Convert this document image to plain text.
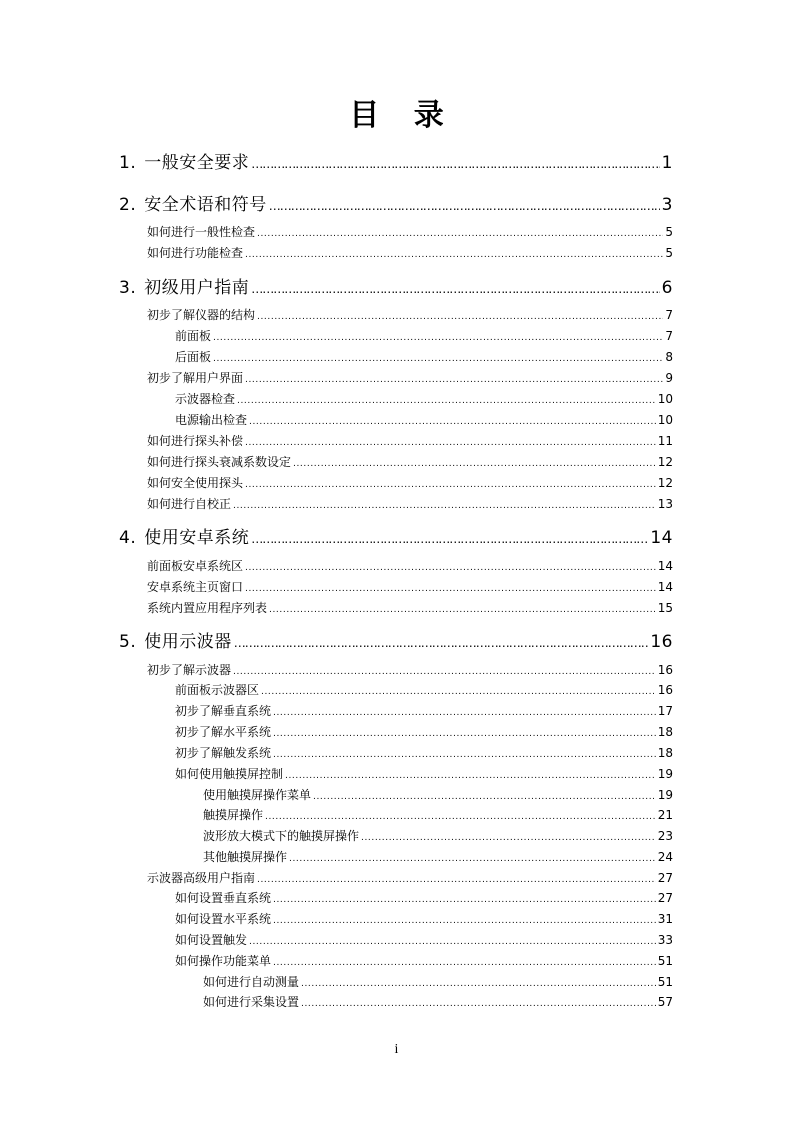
目 录
1. 一般安全要求 …………………………………………………………………………………………………………………………………………	1
2. 安全术语和符号 …………………………………………………………………………………………………………………………………………	3
如何进行一般性检查 .....	5
如何进行功能检查 .....	5
3. 初级用户指南 …………………………………………………………………………………………………………………………………………	6
初步了解仪器的结构 .....	7
前面板 .....	7
后面板 .....	8
初步了解用户界面 .....	9
示波器检查 .....	10
电源输出检查 .....	10
如何进行探头补偿 .....	11
如何进行探头衰减系数设定 .....	12
如何安全使用探头 .....	12
如何进行自校正 .....	13
4. 使用安卓系统 …………………………………………………………………………………………………………………………………………	14
前面板安卓系统区 .....	14
安卓系统主页窗口 .....	14
系统内置应用程序列表 .....	15
5. 使用示波器 …………………………………………………………………………………………………………………………………………	16
初步了解示波器 .....	16
前面板示波器区 .....	16
初步了解垂直系统 .....	17
初步了解水平系统 .....	18
初步了解触发系统 .....	18
如何使用触摸屏控制 .....	19
使用触摸屏操作菜单 .....	19
触摸屏操作 .....	21
波形放大模式下的触摸屏操作 .....	23
其他触摸屏操作 .....	24
示波器高级用户指南 .....	27
如何设置垂直系统 .....	27
如何设置水平系统 .....	31
如何设置触发 .....	33
如何操作功能菜单 .....	51
如何进行自动测量 .....	51
如何进行采集设置 .....	57
i
